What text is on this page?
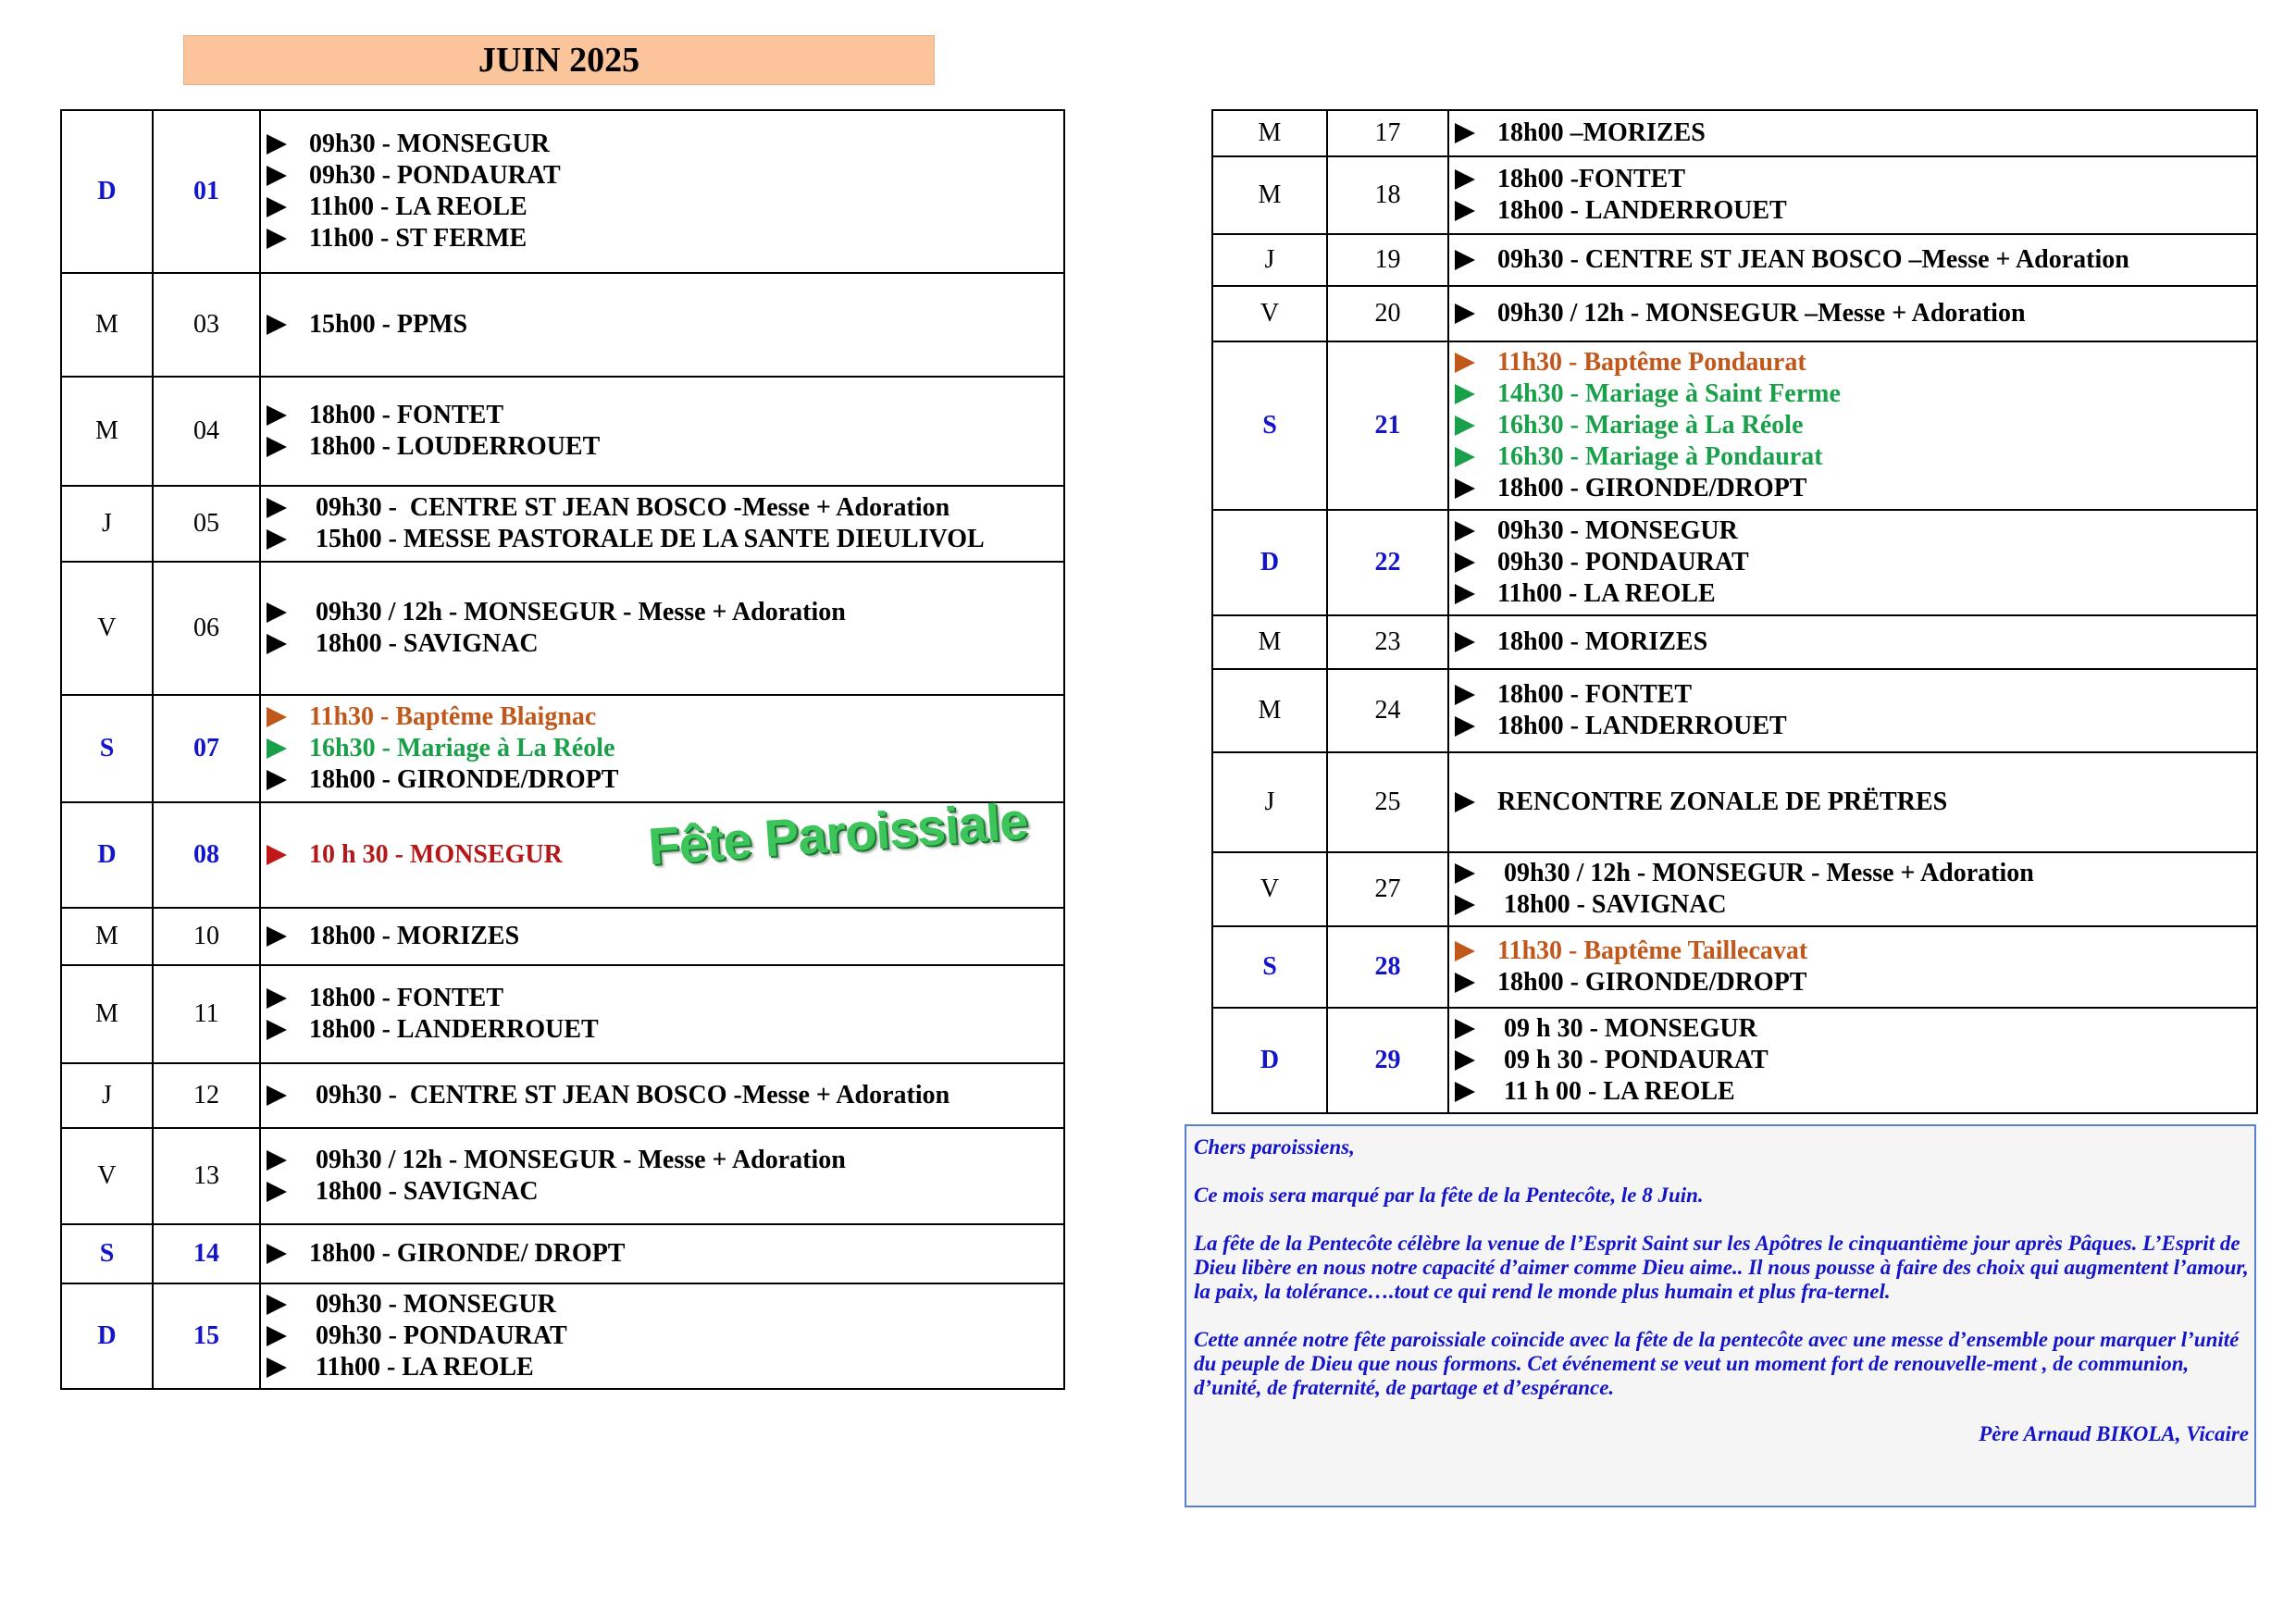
JUIN 2025
D	01	09h30 - MONSEGUR
09h30 - PONDAURAT
11h00 - LA REOLE
11h00 - ST FERME

M	03	15h00 - PPMS

M	04	18h00 - FONTET
18h00 - LOUDERROUET

J	05	09h30 -  CENTRE ST JEAN BOSCO -Messe + Adoration
15h00 - MESSE PASTORALE DE LA SANTE DIEULIVOL

V	06	09h30 / 12h - MONSEGUR - Messe + Adoration
18h00 - SAVIGNAC

S	07	11h30 - Baptême Blaignac
16h30 - Mariage à La Réole
18h00 - GIRONDE/DROPT

D	08	10 h 30 - MONSEGUR

M	10	18h00 - MORIZES

M	11	18h00 - FONTET
18h00 - LANDERROUET

J	12	09h30 -  CENTRE ST JEAN BOSCO -Messe + Adoration

V	13	09h30 / 12h - MONSEGUR - Messe + Adoration
18h00 - SAVIGNAC

S	14	18h00 - GIRONDE/ DROPT

D	15	09h30 - MONSEGUR
09h30 - PONDAURAT
11h00 - LA REOLE
M	17	18h00 –MORIZES

M	18	18h00 -FONTET
18h00 - LANDERROUET

J	19	09h30 - CENTRE ST JEAN BOSCO –Messe + Adoration

V	20	09h30 / 12h - MONSEGUR –Messe + Adoration

S	21	11h30 - Baptême Pondaurat
14h30 - Mariage à Saint Ferme
16h30 - Mariage à La Réole
16h30 - Mariage à Pondaurat
18h00 - GIRONDE/DROPT

D	22	09h30 - MONSEGUR
09h30 - PONDAURAT
11h00 - LA REOLE

M	23	18h00 - MORIZES

M	24	18h00 - FONTET
18h00 - LANDERROUET

J	25	RENCONTRE ZONALE DE PRËTRES

V	27	09h30 / 12h - MONSEGUR - Messe + Adoration
18h00 - SAVIGNAC

S	28	11h30 - Baptême Taillecavat
18h00 - GIRONDE/DROPT

D	29	09 h 30 - MONSEGUR
09 h 30 - PONDAURAT
11 h 00 - LA REOLE
Fête Paroissiale

Chers paroissiens,

Ce mois sera marqué par la fête de la Pentecôte, le 8 Juin.

La fête de la Pentecôte célèbre la venue de l’Esprit Saint sur les Apôtres le cinquantième jour après Pâques. L’Esprit de Dieu libère en nous notre capacité d’aimer comme Dieu aime.. Il nous pousse à faire des choix qui augmentent l’amour, la paix, la tolérance….tout ce qui rend le monde plus humain et plus fra-ternel.

Cette année notre fête paroissiale coïncide avec la fête de la pentecôte avec une messe d’ensemble pour marquer l’unité du peuple de Dieu que nous formons. Cet événement se veut un moment fort de renouvelle-ment , de communion, d’unité, de fraternité, de partage et d’espérance.

Père Arnaud BIKOLA, Vicaire
